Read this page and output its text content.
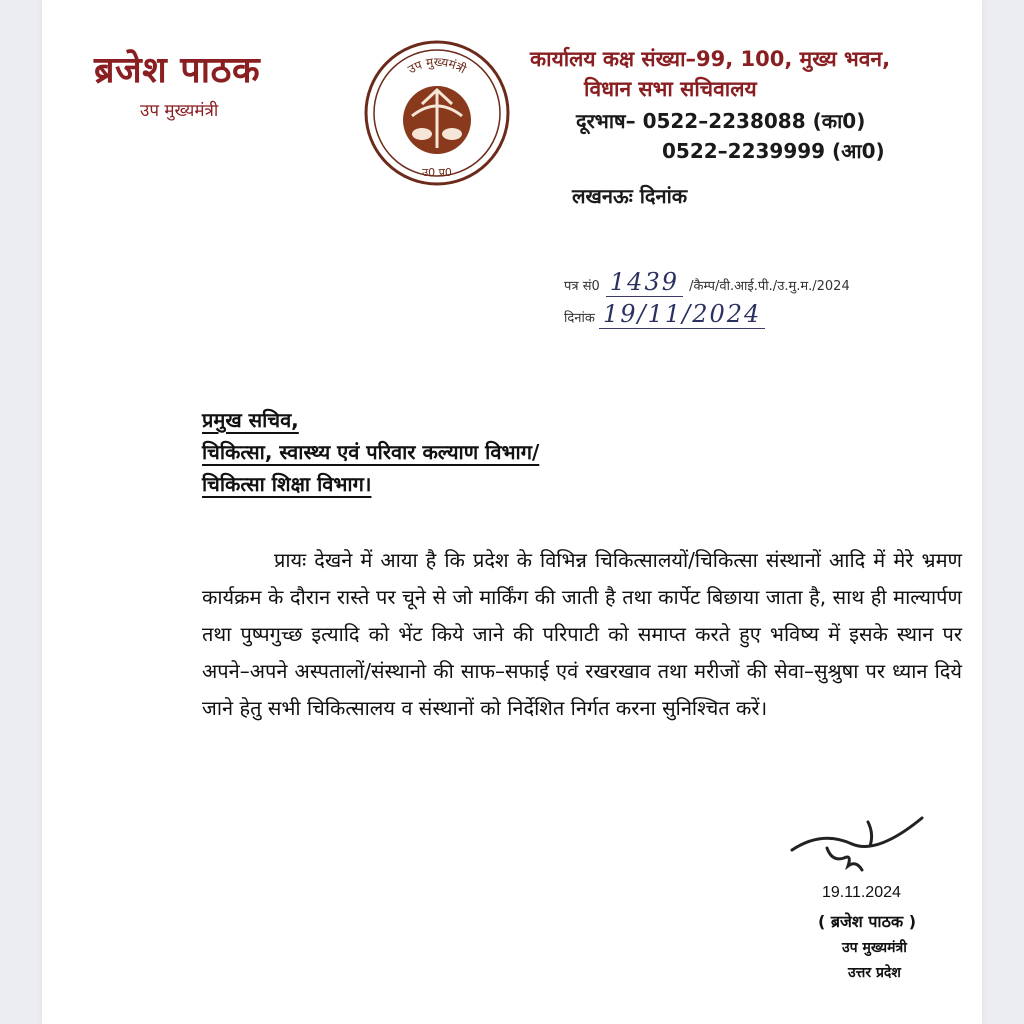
ब्रजेश पाठक
उप मुख्यमंत्री
उप मुख्यमंत्री
उ0 प्र0
कार्यालय कक्ष संख्या–99, 100, मुख्य भवन,
विधान सभा सचिवालय
दूरभाष– 0522–2238088 (का0)
0522–2239999 (आ0)
लखनऊः दिनांक
पत्र सं0 1439 /कैम्प/वी.आई.पी./उ.मु.म./2024
दिनांक 19/11/2024
प्रमुख सचिव,
चिकित्सा, स्वास्थ्य एवं परिवार कल्याण विभाग/
चिकित्सा शिक्षा विभाग।
प्रायः देखने में आया है कि प्रदेश के विभिन्न चिकित्सालयों/चिकित्सा संस्थानों आदि में मेरे भ्रमण कार्यक्रम के दौरान रास्ते पर चूने से जो मार्किंग की जाती है तथा कार्पेट बिछाया जाता है, साथ ही माल्यार्पण तथा पुष्पगुच्छ इत्यादि को भेंट किये जाने की परिपाटी को समाप्त करते हुए भविष्य में इसके स्थान पर अपने–अपने अस्पतालों/संस्थानो की साफ–सफाई एवं रखरखाव तथा मरीजों की सेवा–सुश्रुषा पर ध्यान दिये जाने हेतु सभी चिकित्सालय व संस्थानों को निर्देशित निर्गत करना सुनिश्चित करें।
19.11.2024
( ब्रजेश पाठक )
उप मुख्यमंत्री
उत्तर प्रदेश
